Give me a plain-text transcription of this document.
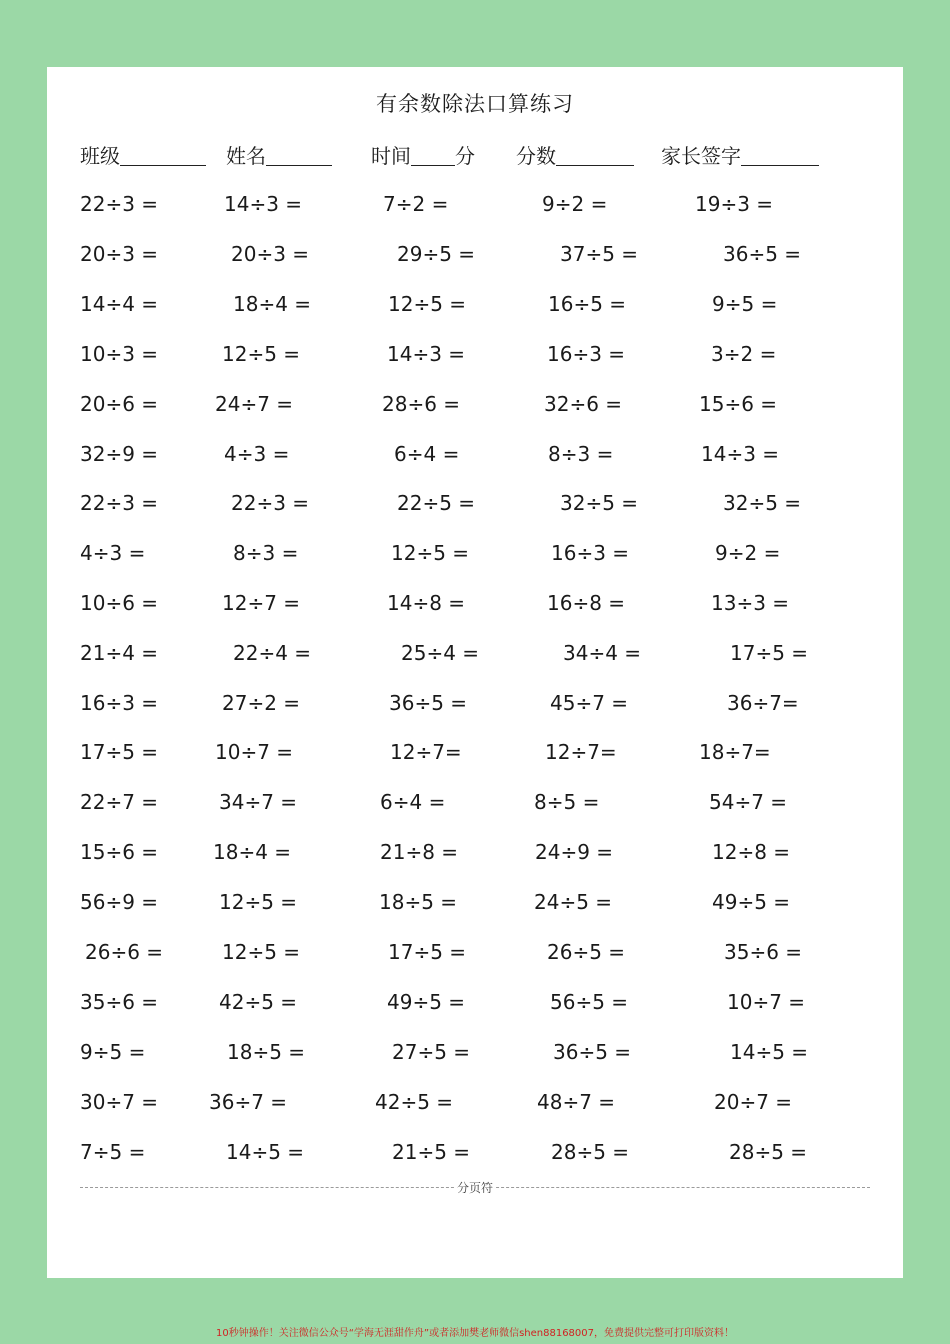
有余数除法口算练习
班级	姓名	时间 分 分数	家长签字
22÷3 =	14÷3 =	7÷2 =	9÷2 =	19÷3 =
20÷3 =	20÷3 =	29÷5 =	37÷5 =	36÷5 =
14÷4 =	18÷4 =	12÷5 =	16÷5 =	9÷5 =
10÷3 =	12÷5 =	14÷3 =	16÷3 =	3÷2 =
20÷6 =	24÷7 =	28÷6 =	32÷6 =	15÷6 =
32÷9 =	4÷3 =	6÷4 =	8÷3 =	14÷3 =
22÷3 =	22÷3 =	22÷5 =	32÷5 =	32÷5 =
4÷3 =	8÷3 =	12÷5 =	16÷3 =	9÷2 =
10÷6 =	12÷7 =	14÷8 =	16÷8 =	13÷3 =
21÷4 =	22÷4 =	25÷4 =	34÷4 =	17÷5 =
16÷3 =	27÷2 =	36÷5 =	45÷7 =	36÷7=
17÷5 =	10÷7 =	12÷7=	12÷7=	18÷7=
22÷7 =	34÷7 =	6÷4 =	8÷5 =	54÷7 =
15÷6 =	18÷4 =	21÷8 =	24÷9 =	12÷8 =
56÷9 =	12÷5 =	18÷5 =	24÷5 =	49÷5 =
26÷6 =	12÷5 =	17÷5 =	26÷5 =	35÷6 =
35÷6 =	42÷5 =	49÷5 =	56÷5 =	10÷7 =
9÷5 =	18÷5 =	27÷5 =	36÷5 =	14÷5 =
30÷7 =	36÷7 =	42÷5 =	48÷7 =	20÷7 =
7÷5 =	14÷5 =	21÷5 =	28÷5 =	28÷5 =
分页符
10秒钟操作！关注微信公众号“学海无涯甜作舟”或者添加樊老师微信shen88168007，免费提供完整可打印版资料！
